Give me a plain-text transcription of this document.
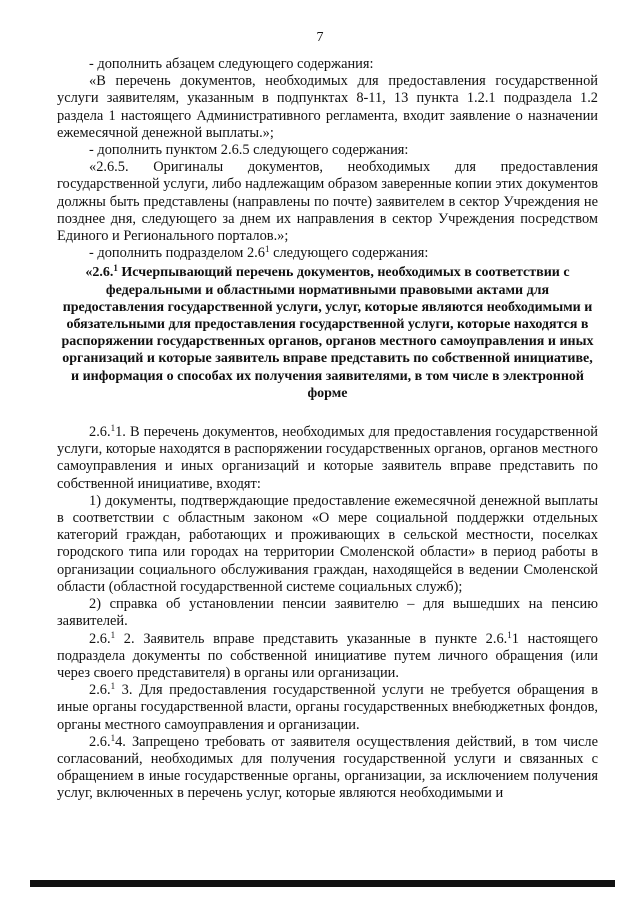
7

- дополнить абзацем следующего содержания:

«В перечень документов, необходимых для предоставления государственной услуги заявителям, указанным в подпунктах 8-11, 13 пункта 1.2.1 подраздела 1.2 раздела 1 настоящего Административного регламента, входит заявление о назначении ежемесячной денежной выплаты.»;

- дополнить пунктом 2.6.5 следующего содержания:

«2.6.5. Оригиналы документов, необходимых для предоставления государственной услуги, либо надлежащим образом заверенные копии этих документов должны быть представлены (направлены по почте) заявителем в сектор Учреждения не позднее дня, следующего за днем их направления в сектор Учреждения посредством Единого и Регионального порталов.»;

- дополнить подразделом $2.6^1$ следующего содержания:

«2.6.$^1$ Исчерпывающий перечень документов, необходимых в соответствии с федеральными и областными нормативными правовыми актами для предоставления государственной услуги, услуг, которые являются необходимыми и обязательными для предоставления государственной услуги, которые находятся в распоряжении государственных органов, органов местного самоуправления и иных организаций и которые заявитель вправе представить по собственной инициативе, и информация о способах их получения заявителями, в том числе в электронной форме

2.6.$^1$1. В перечень документов, необходимых для предоставления государственной услуги, которые находятся в распоряжении государственных органов, органов местного самоуправления и иных организаций и которые заявитель вправе представить по собственной инициативе, входят:

1) документы, подтверждающие предоставление ежемесячной денежной выплаты в соответствии с областным законом «О мере социальной поддержки отдельных категорий граждан, работающих и проживающих в сельской местности, поселках городского типа или городах на территории Смоленской области» в период работы в организации социального обслуживания граждан, находящейся в ведении Смоленской области (областной государственной системе социальных служб);

2) справка об установлении пенсии заявителю – для вышедших на пенсию заявителей.

2.6.$^1$ 2. Заявитель вправе представить указанные в пункте 2.6.$^1$1 настоящего подраздела документы по собственной инициативе путем личного обращения (или через своего представителя) в органы или организации.

2.6.$^1$ 3. Для предоставления государственной услуги не требуется обращения в иные органы государственной власти, органы государственных внебюджетных фондов, органы местного самоуправления и организации.

2.6.$^1$4. Запрещено требовать от заявителя осуществления действий, в том числе согласований, необходимых для получения государственной услуги и связанных с обращением в иные государственные органы, организации, за исключением получения услуг, включенных в перечень услуг, которые являются необходимыми и
